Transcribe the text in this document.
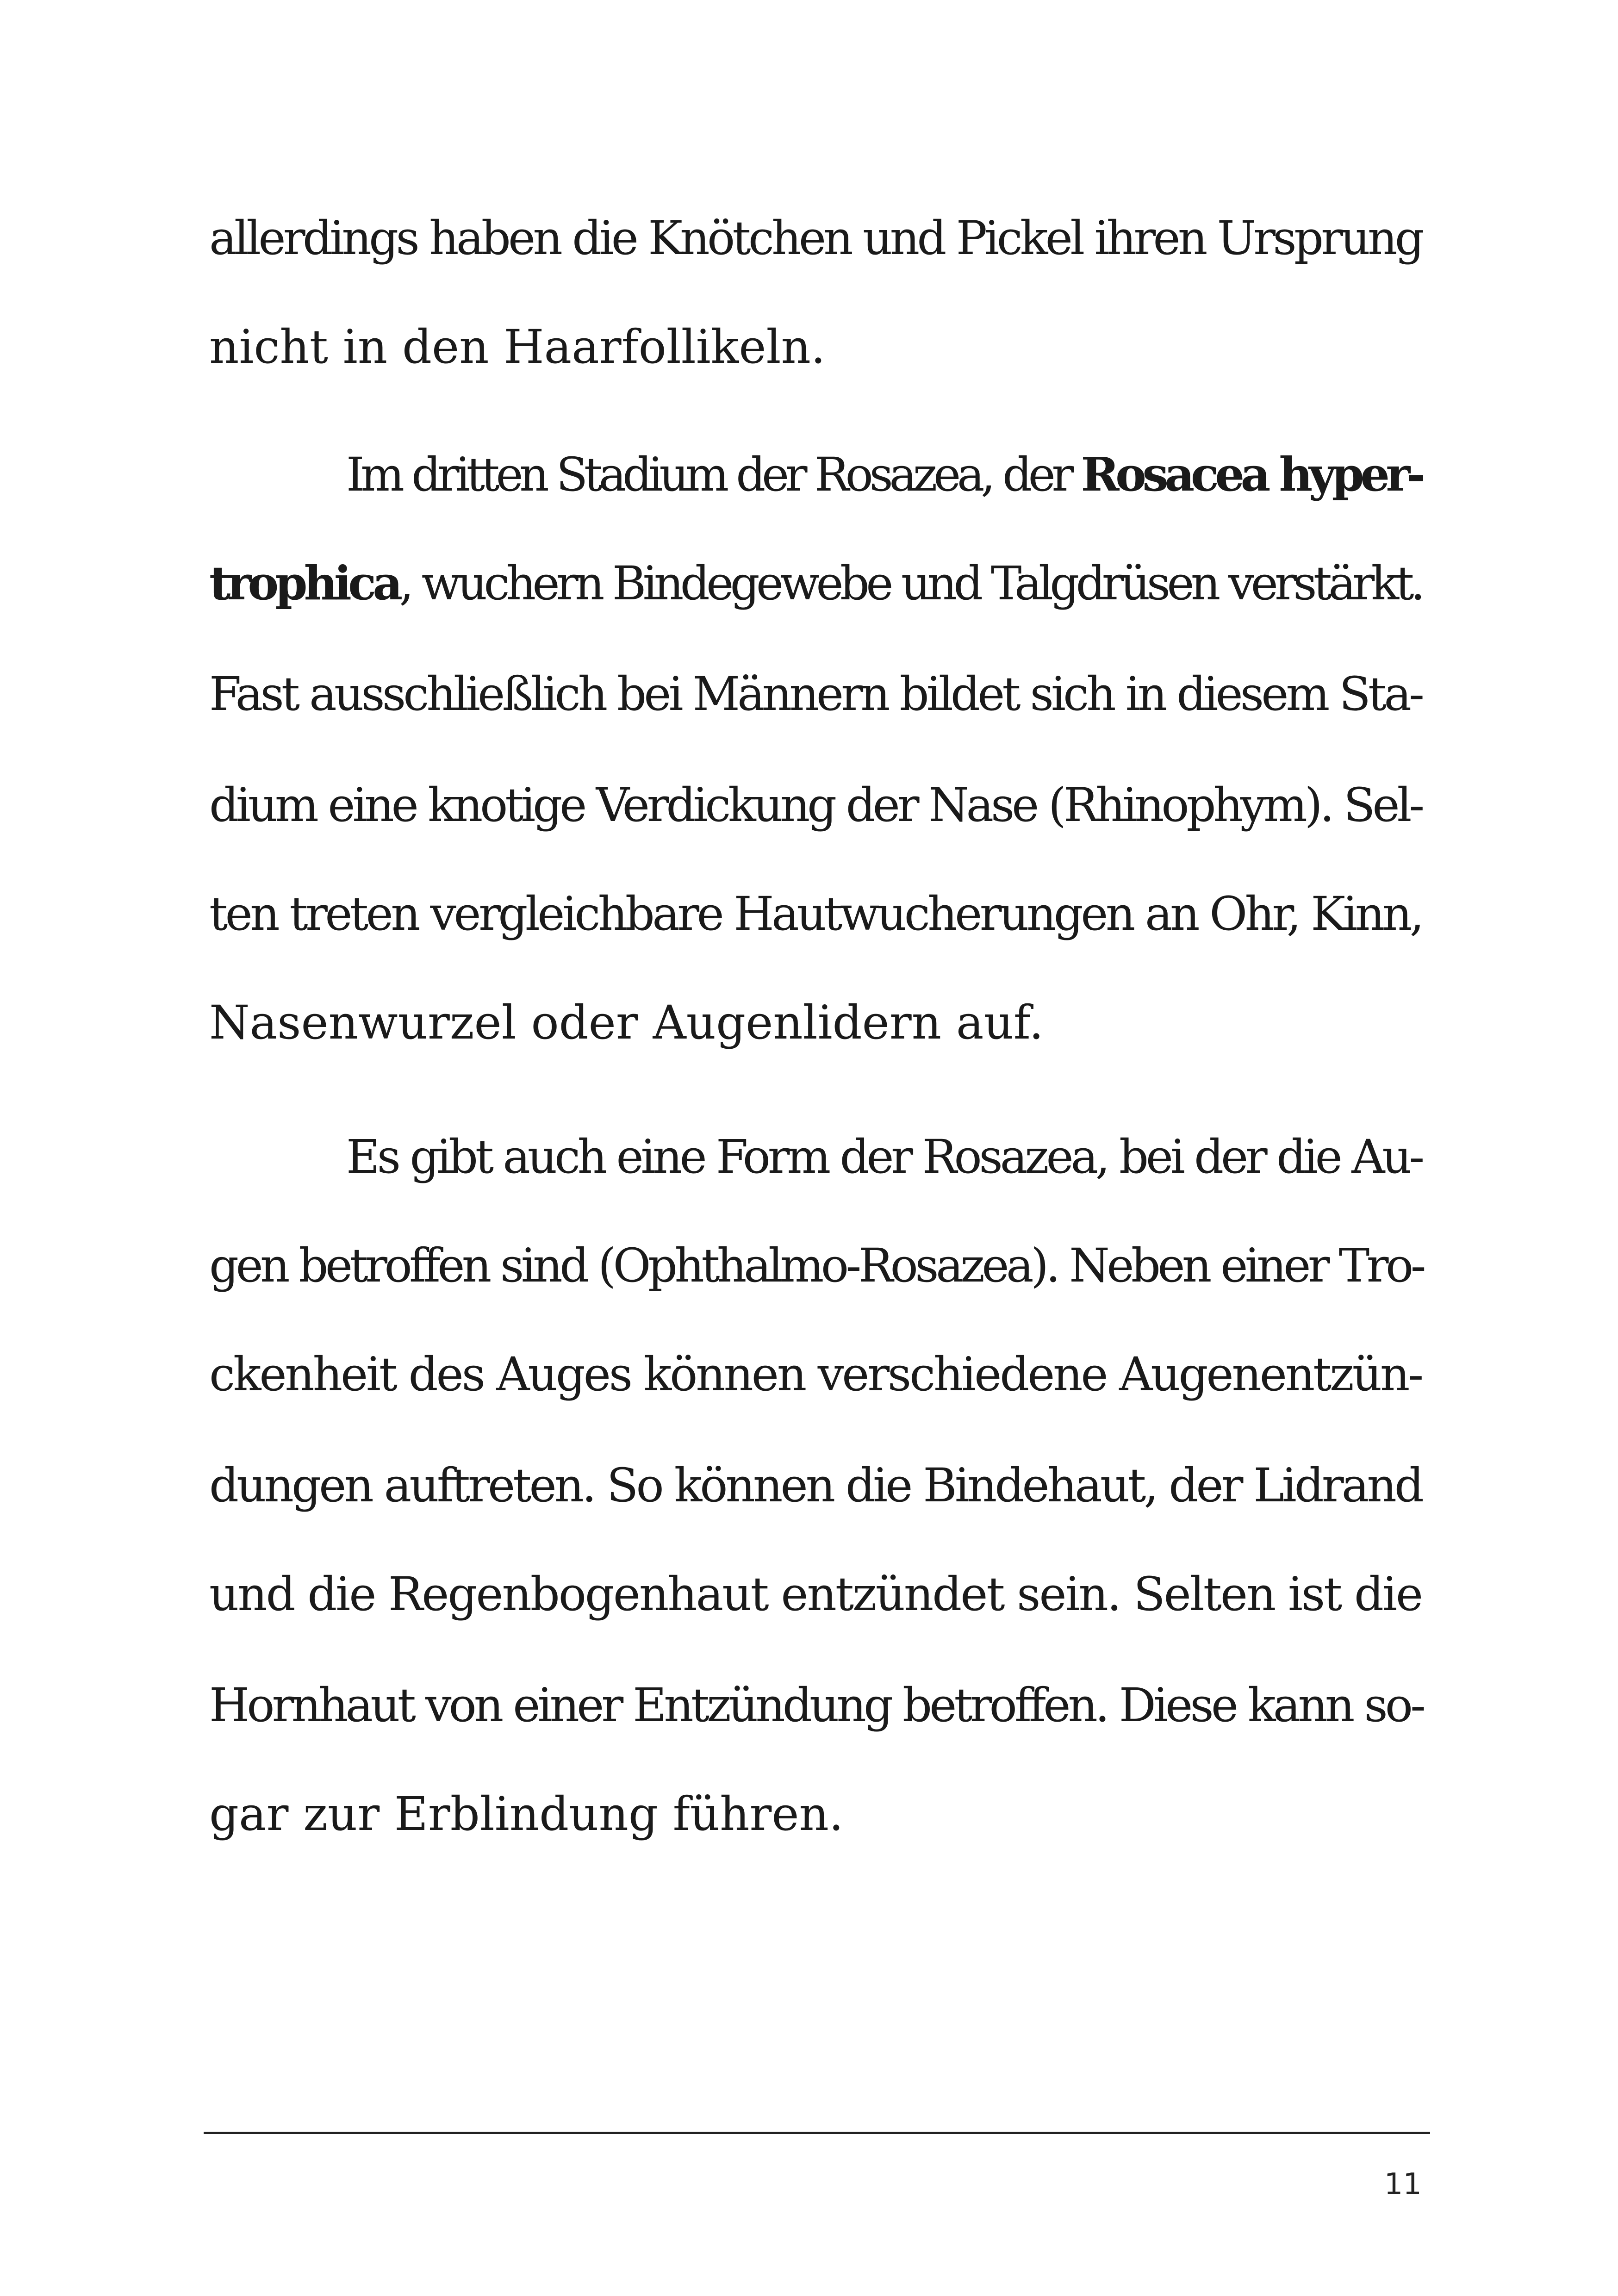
allerdings haben die Knötchen und Pickel ihren Ursprung
nicht in den Haarfollikeln.
Im dritten Stadium der Rosazea, der Rosacea hyper-
trophica, wuchern Bindegewebe und Talgdrüsen verstärkt.
Fast ausschließlich bei Männern bildet sich in diesem Sta-
dium eine knotige Verdickung der Nase (Rhinophym). Sel-
ten treten vergleichbare Hautwucherungen an Ohr, Kinn,
Nasenwurzel oder Augenlidern auf.
Es gibt auch eine Form der Rosazea, bei der die Au-
gen betroffen sind (Ophthalmo-Rosazea). Neben einer Tro-
ckenheit des Auges können verschiedene Augenentzün-
dungen auftreten. So können die Bindehaut, der Lidrand
und die Regenbogenhaut entzündet sein. Selten ist die
Hornhaut von einer Entzündung betroffen. Diese kann so-
gar zur Erblindung führen.
11
